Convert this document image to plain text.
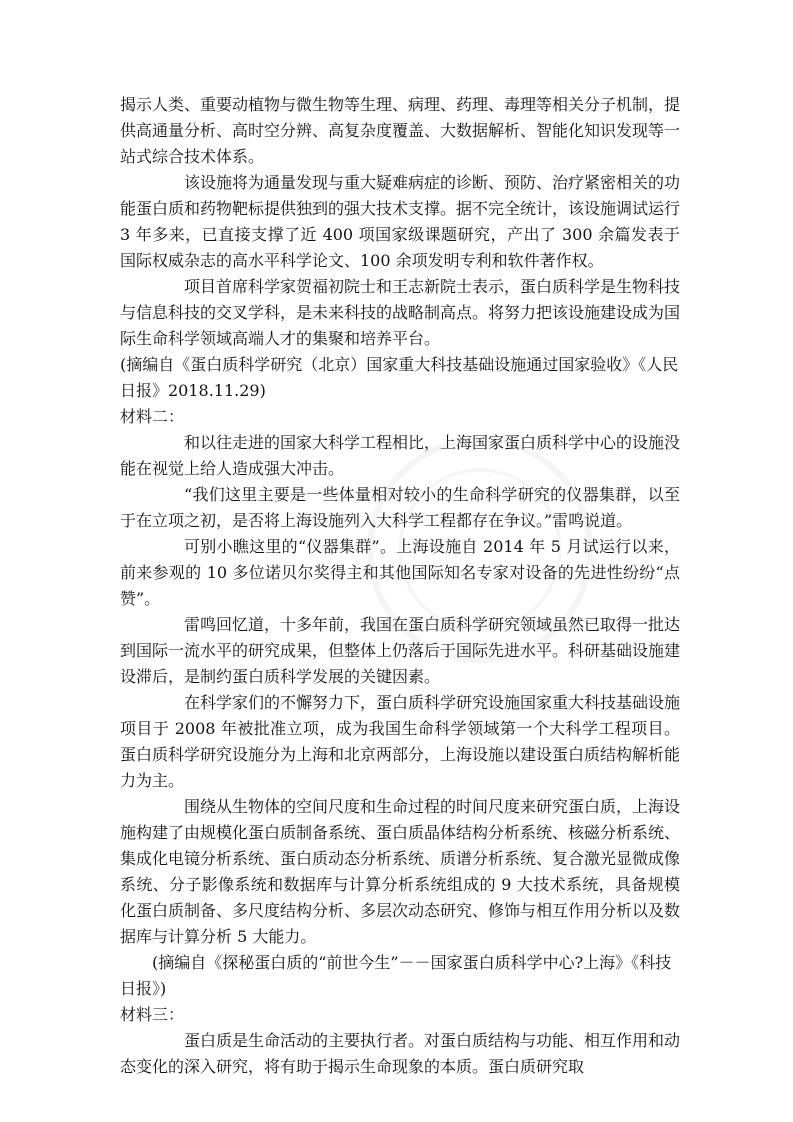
揭示人类、重要动植物与微生物等生理、病理、药理、毒理等相关分子机制，提供高通量分析、高时空分辨、高复杂度覆盖、大数据解析、智能化知识发现等一站式综合技术体系。

该设施将为通量发现与重大疑难病症的诊断、预防、治疗紧密相关的功能蛋白质和药物靶标提供独到的强大技术支撑。据不完全统计，该设施调试运行 3 年多来，已直接支撑了近 400 项国家级课题研究，产出了 300 余篇发表于国际权威杂志的高水平科学论文、100 余项发明专利和软件著作权。

项目首席科学家贺福初院士和王志新院士表示，蛋白质科学是生物科技与信息科技的交叉学科，是未来科技的战略制高点。将努力把该设施建设成为国际生命科学领域高端人才的集聚和培养平台。

(摘编自《蛋白质科学研究（北京）国家重大科技基础设施通过国家验收》《人民日报》2018.11.29)

材料二：

和以往走进的国家大科学工程相比，上海国家蛋白质科学中心的设施没能在视觉上给人造成强大冲击。

“我们这里主要是一些体量相对较小的生命科学研究的仪器集群，以至于在立项之初，是否将上海设施列入大科学工程都存在争议。”雷鸣说道。

可别小瞧这里的“仪器集群”。上海设施自 2014 年 5 月试运行以来，前来参观的 10 多位诺贝尔奖得主和其他国际知名专家对设备的先进性纷纷“点赞”。

雷鸣回忆道，十多年前，我国在蛋白质科学研究领域虽然已取得一批达到国际一流水平的研究成果，但整体上仍落后于国际先进水平。科研基础设施建设滞后，是制约蛋白质科学发展的关键因素。

在科学家们的不懈努力下，蛋白质科学研究设施国家重大科技基础设施项目于 2008 年被批准立项，成为我国生命科学领域第一个大科学工程项目。蛋白质科学研究设施分为上海和北京两部分，上海设施以建设蛋白质结构解析能力为主。

围绕从生物体的空间尺度和生命过程的时间尺度来研究蛋白质，上海设施构建了由规模化蛋白质制备系统、蛋白质晶体结构分析系统、核磁分析系统、集成化电镜分析系统、蛋白质动态分析系统、质谱分析系统、复合激光显微成像系统、分子影像系统和数据库与计算分析系统组成的 9 大技术系统，具备规模化蛋白质制备、多尺度结构分析、多层次动态研究、修饰与相互作用分析以及数据库与计算分析 5 大能力。

(摘编自《探秘蛋白质的“前世今生”－－国家蛋白质科学中心?上海》《科技日报》)

材料三：

蛋白质是生命活动的主要执行者。对蛋白质结构与功能、相互作用和动态变化的深入研究，将有助于揭示生命现象的本质。蛋白质研究取
